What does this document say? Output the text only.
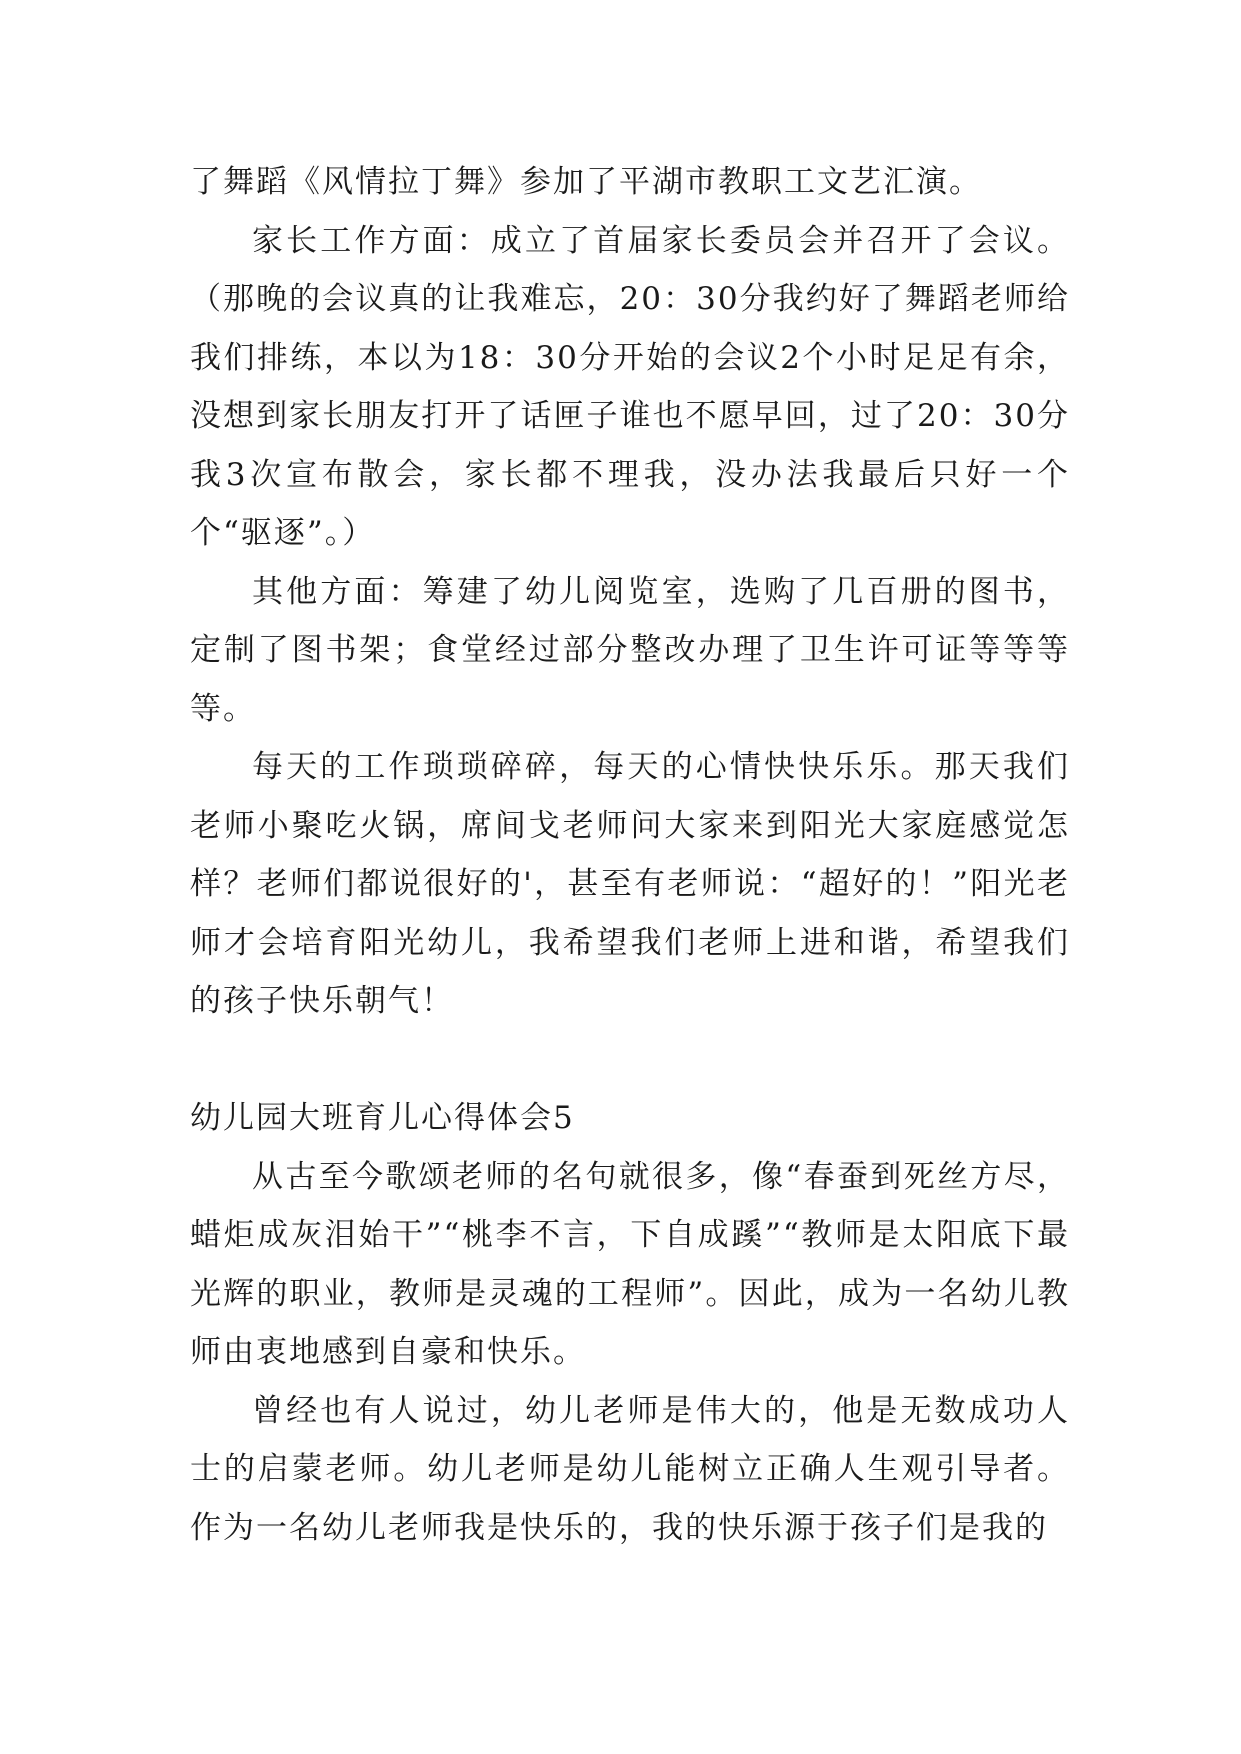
了舞蹈《风情拉丁舞》参加了平湖市教职工文艺汇演。

家长工作方面：成立了首届家长委员会并召开了会议。（那晚的会议真的让我难忘，20：30分我约好了舞蹈老师给我们排练，本以为18：30分开始的会议2个小时足足有余，没想到家长朋友打开了话匣子谁也不愿早回，过了20：30分我3次宣布散会，家长都不理我，没办法我最后只好一个个“驱逐”。）

其他方面：筹建了幼儿阅览室，选购了几百册的图书，定制了图书架；食堂经过部分整改办理了卫生许可证等等等等。

每天的工作琐琐碎碎，每天的心情快快乐乐。那天我们老师小聚吃火锅，席间戈老师问大家来到阳光大家庭感觉怎样？老师们都说很好的'，甚至有老师说：“超好的！”阳光老师才会培育阳光幼儿，我希望我们老师上进和谐，希望我们的孩子快乐朝气！

幼儿园大班育儿心得体会5

从古至今歌颂老师的名句就很多，像“春蚕到死丝方尽，蜡炬成灰泪始干”“桃李不言，下自成蹊”“教师是太阳底下最光辉的职业，教师是灵魂的工程师”。因此，成为一名幼儿教师由衷地感到自豪和快乐。

曾经也有人说过，幼儿老师是伟大的，他是无数成功人士的启蒙老师。幼儿老师是幼儿能树立正确人生观引导者。作为一名幼儿老师我是快乐的，我的快乐源于孩子们是我的
